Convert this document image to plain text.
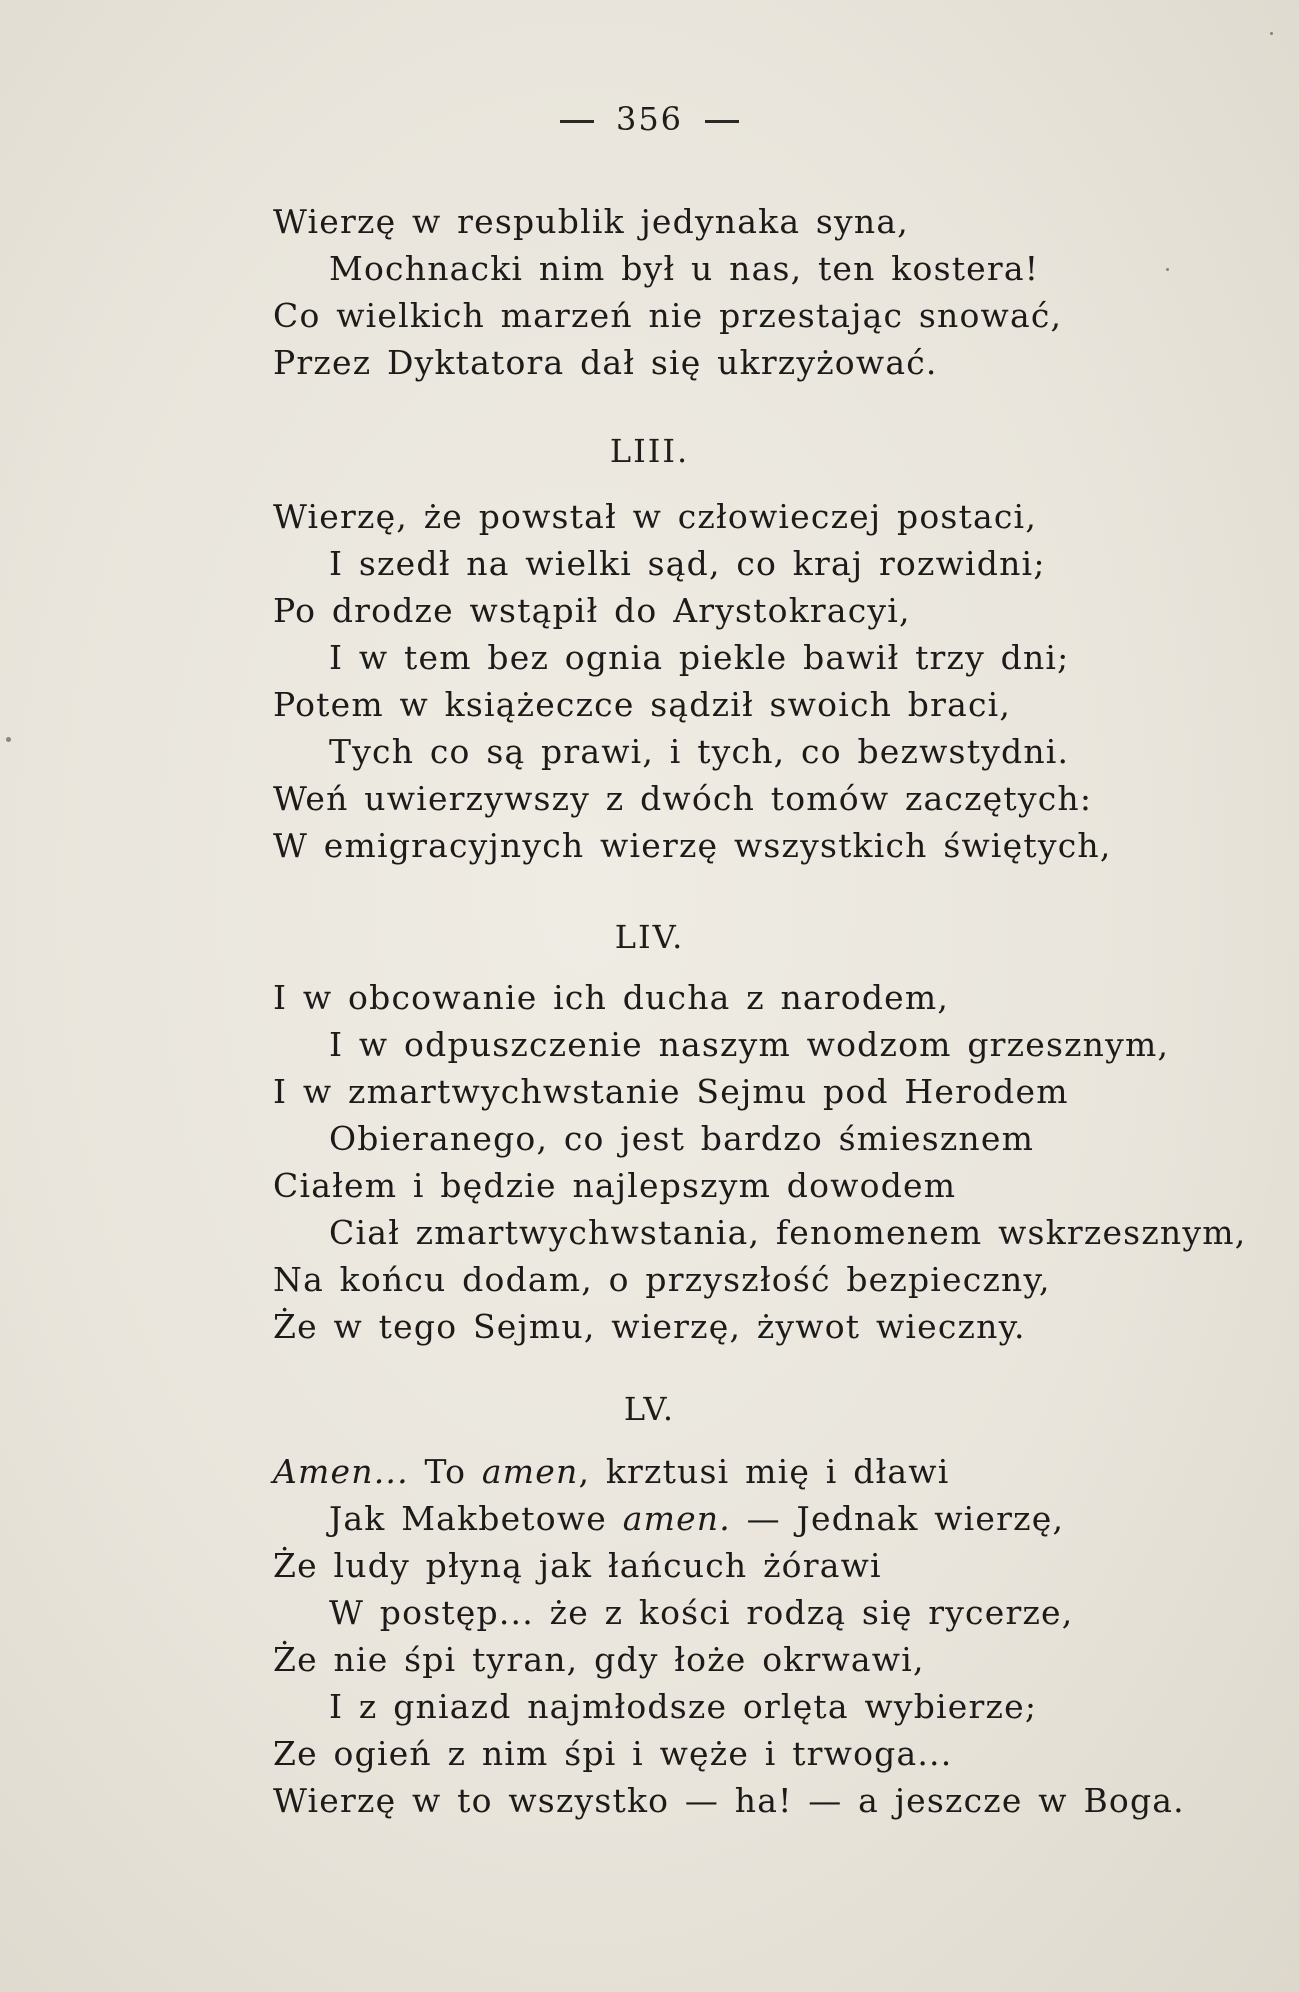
356
Wierzę w respublik jedynaka syna,
Mochnacki nim był u nas, ten kostera!
Co wielkich marzeń nie przestając snować,
Przez Dyktatora dał się ukrzyżować.
LIII.
Wierzę, że powstał w człowieczej postaci,
I szedł na wielki sąd, co kraj rozwidni;
Po drodze wstąpił do Arystokracyi,
I w tem bez ognia piekle bawił trzy dni;
Potem w książeczce sądził swoich braci,
Tych co są prawi, i tych, co bezwstydni.
Weń uwierzywszy z dwóch tomów zaczętych:
W emigracyjnych wierzę wszystkich świętych,
LIV.
I w obcowanie ich ducha z narodem,
I w odpuszczenie naszym wodzom grzesznym,
I w zmartwychwstanie Sejmu pod Herodem
Obieranego, co jest bardzo śmiesznem
Ciałem i będzie najlepszym dowodem
Ciał zmartwychwstania, fenomenem wskrzesznym,
Na końcu dodam, o przyszłość bezpieczny,
Że w tego Sejmu, wierzę, żywot wieczny.
LV.
Amen... To amen, krztusi mię i dławi
Jak Makbetowe amen. — Jednak wierzę,
Że ludy płyną jak łańcuch żórawi
W postęp... że z kości rodzą się rycerze,
Że nie śpi tyran, gdy łoże okrwawi,
I z gniazd najmłodsze orlęta wybierze;
Ze ogień z nim śpi i węże i trwoga...
Wierzę w to wszystko — ha! — a jeszcze w Boga.
